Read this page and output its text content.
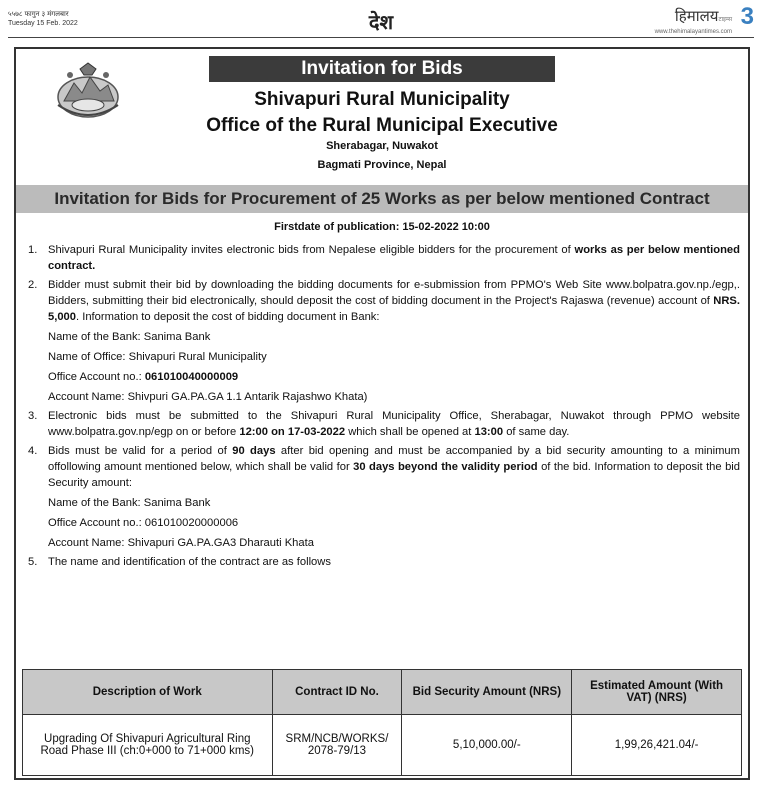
५५७८ फागुन ३ मंगलबार
Tuesday 15 Feb. 2022	देश	हिमालयटाइम्स
www.thehimalayantimes.com
3
Invitation for Bids
Shivapuri Rural Municipality
Office of the Rural Municipal Executive
Sherabagar, Nuwakot
Bagmati Province, Nepal
Invitation for Bids for Procurement of 25 Works as per below mentioned Contract
Firstdate of publication: 15-02-2022 10:00
1. Shivapuri Rural Municipality invites electronic bids from Nepalese eligible bidders for the procurement of works as per below mentioned contract.
2. Bidder must submit their bid by downloading the bidding documents for e-submission from PPMO's Web Site www.bolpatra.gov.np./egp,. Bidders, submitting their bid electronically, should deposit the cost of bidding document in the Project's Rajaswa (revenue) account of NRS. 5,000. Information to deposit the cost of bidding document in Bank:
Name of the Bank: Sanima Bank
Name of Office: Shivapuri Rural Municipality
Office Account no.: 061010040000009
Account Name: Shivpuri GA.PA.GA 1.1 Antarik Rajashwo Khata)
3. Electronic bids must be submitted to the Shivapuri Rural Municipality Office, Sherabagar, Nuwakot through PPMO website www.bolpatra.gov.np/egp on or before 12:00 on 17-03-2022 which shall be opened at 13:00 of same day.
4. Bids must be valid for a period of 90 days after bid opening and must be accompanied by a bid security amounting to a minimum offollowing amount mentioned below, which shall be valid for 30 days beyond the validity period of the bid. Information to deposit the bid Security amount:
Name of the Bank: Sanima Bank
Office Account no.: 061010020000006
Account Name: Shivapuri GA.PA.GA3 Dharauti Khata
5. The name and identification of the contract are as follows
Description of Work	Contract ID No.	Bid Security Amount (NRS)	Estimated Amount (With VAT) (NRS)
Upgrading Of Shivapuri Agricultural Ring Road Phase III (ch:0+000 to 71+000 kms)	SRM/NCB/WORKS/ 2078-79/13	5,10,000.00/-	1,99,26,421.04/-
